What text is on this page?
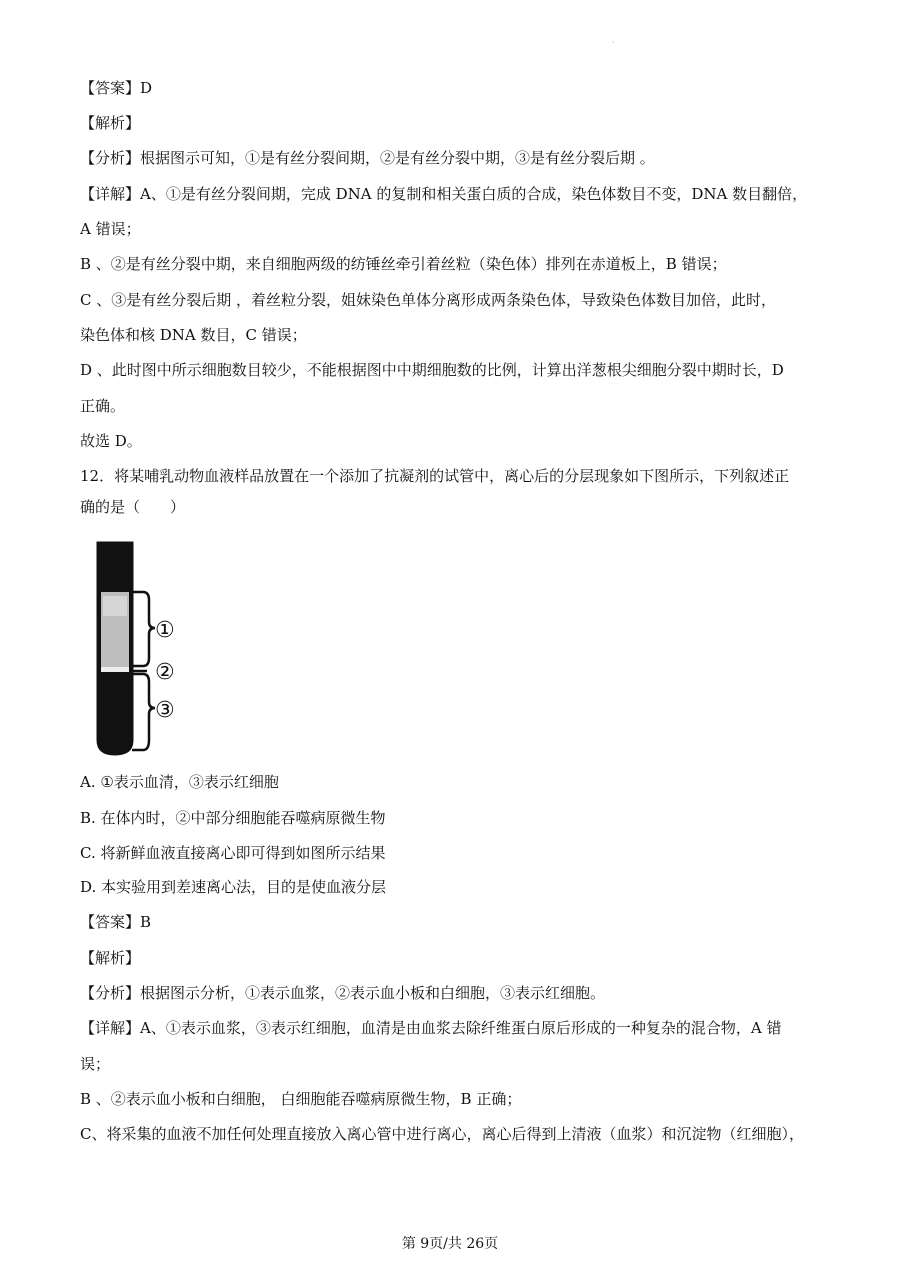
·
【答案】D
【解析】
【分析】根据图示可知，①是有丝分裂间期，②是有丝分裂中期，③是有丝分裂后期 。
【详解】A、①是有丝分裂间期，完成 DNA 的复制和相关蛋白质的合成，染色体数目不变，DNA 数目翻倍，
A 错误；
B 、②是有丝分裂中期，来自细胞两级的纺锤丝牵引着丝粒（染色体）排列在赤道板上，B 错误；
C 、③是有丝分裂后期 ，着丝粒分裂，姐妹染色单体分离形成两条染色体，导致染色体数目加倍，此时，
染色体和核 DNA 数目，C 错误；
D 、此时图中所示细胞数目较少，不能根据图中中期细胞数的比例，计算出洋葱根尖细胞分裂中期时长，D
正确。
故选 D。
12．将某哺乳动物血液样品放置在一个添加了抗凝剂的试管中，离心后的分层现象如下图所示，下列叙述正
确的是（　　）
①
②
③
A. ①表示血清，③表示红细胞
B. 在体内时，②中部分细胞能吞噬病原微生物
C. 将新鲜血液直接离心即可得到如图所示结果
D. 本实验用到差速离心法，目的是使血液分层
【答案】B
【解析】
【分析】根据图示分析，①表示血浆，②表示血小板和白细胞，③表示红细胞。
【详解】A、①表示血浆，③表示红细胞，血清是由血浆去除纤维蛋白原后形成的一种复杂的混合物，A 错
误；
B 、②表示血小板和白细胞， 白细胞能吞噬病原微生物，B 正确；
C、将采集的血液不加任何处理直接放入离心管中进行离心，离心后得到上清液（血浆）和沉淀物（红细胞），
第 9页/共 26页
